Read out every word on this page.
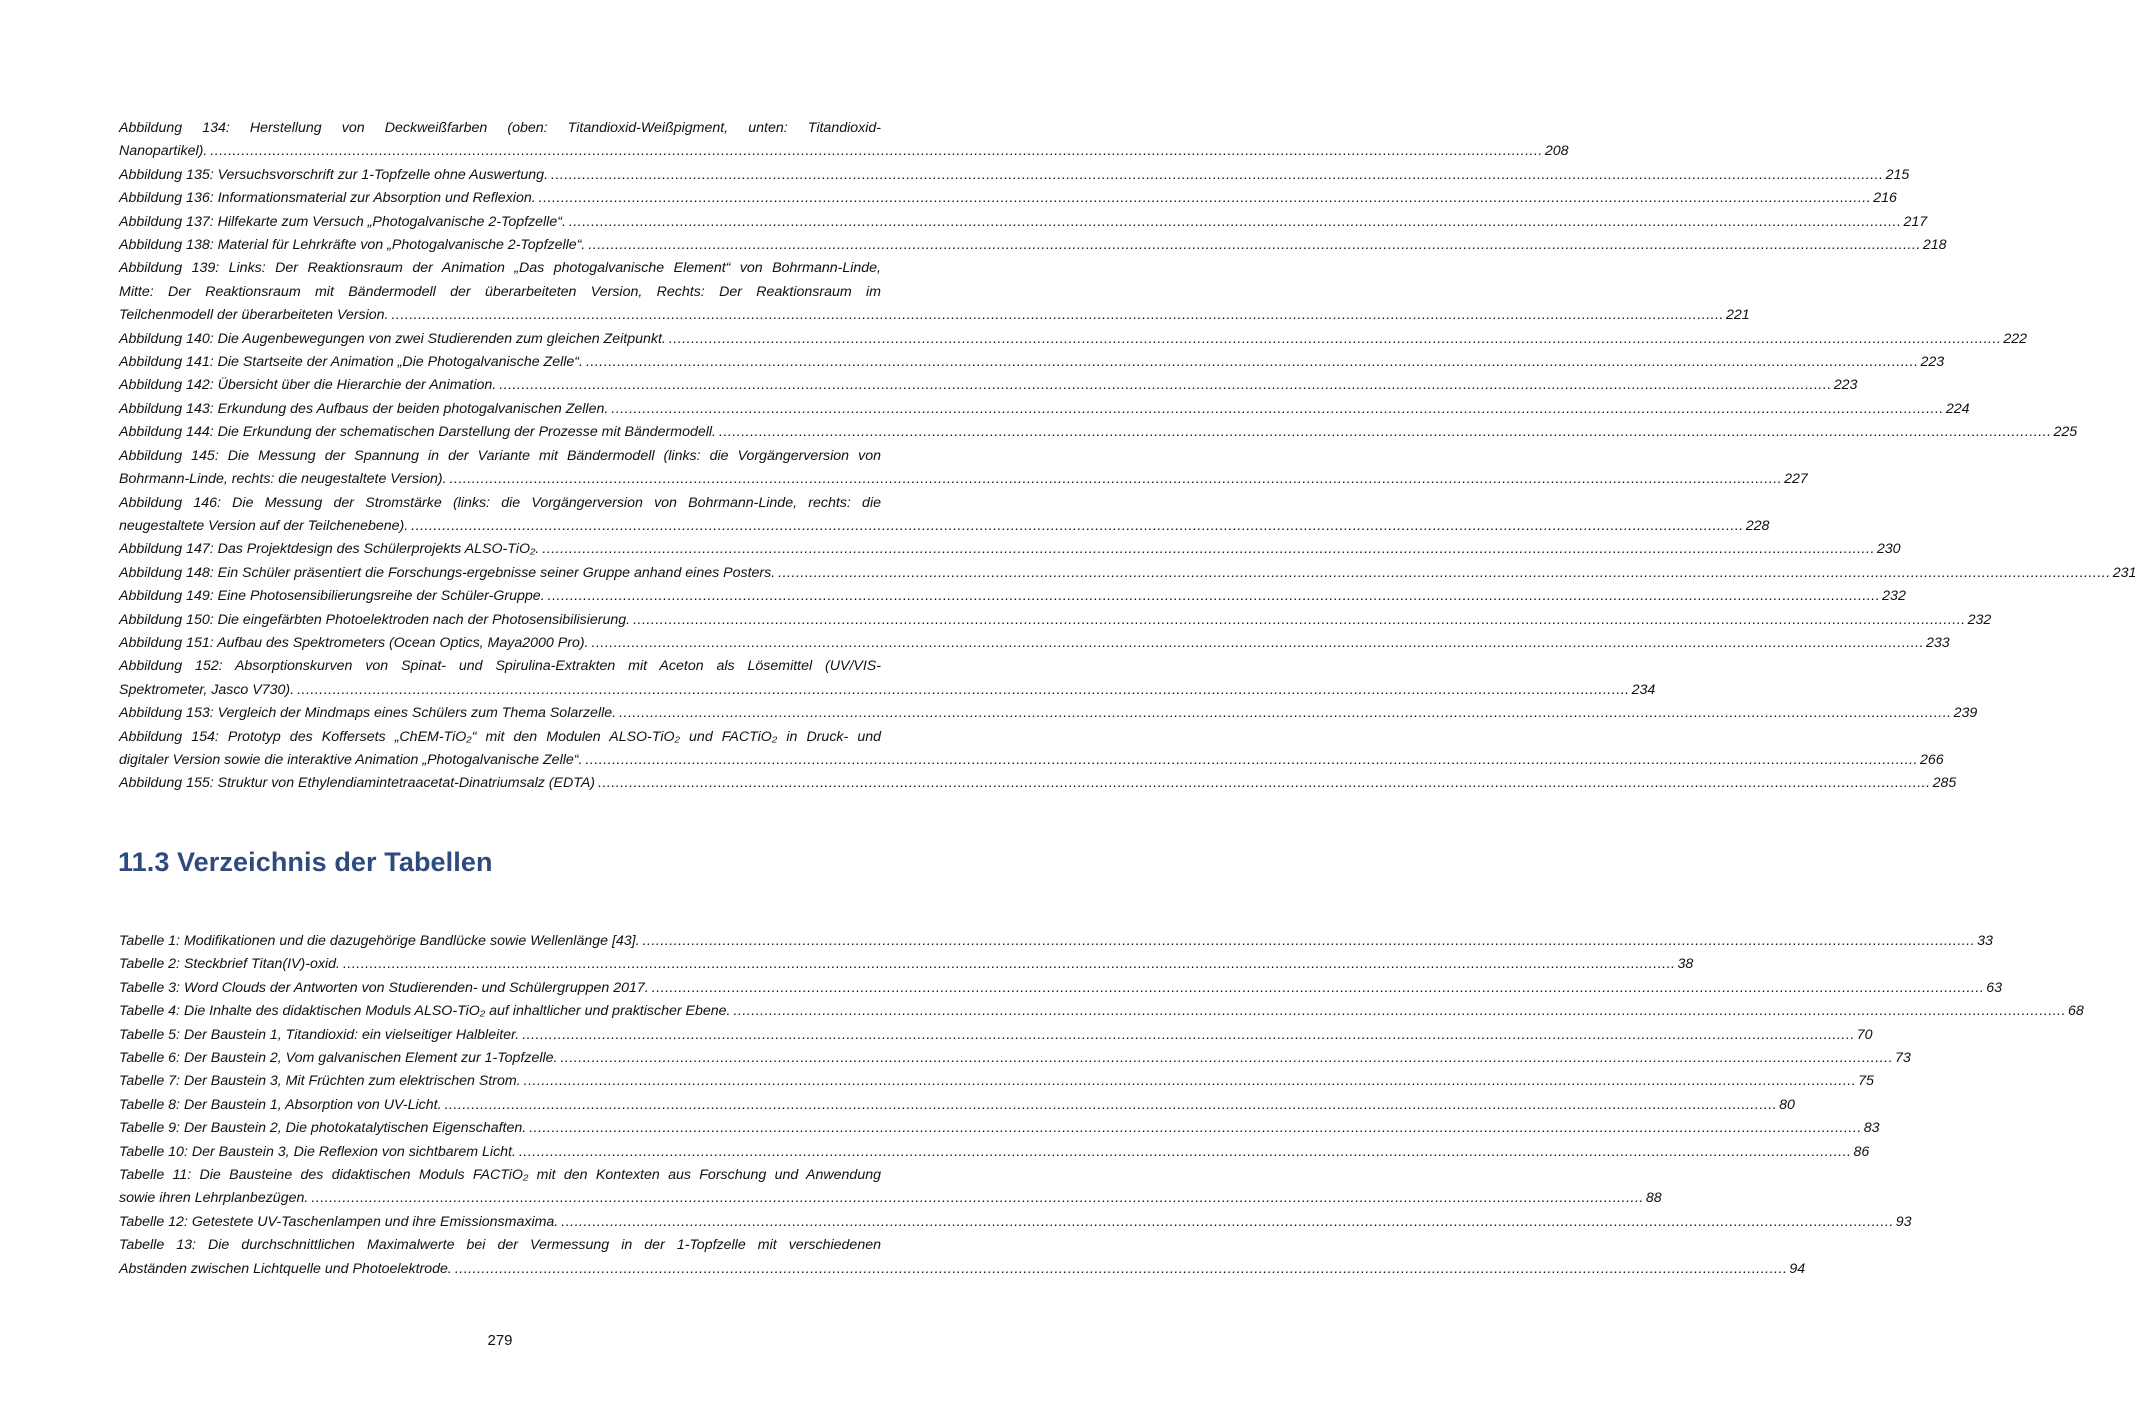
Abbildung 134: Herstellung von Deckweißfarben (oben: Titandioxid-Weißpigment, unten: Titandioxid-
Nanopartikel). ............................................................................................................................................................................................................................................................................................................ 208
Abbildung 135: Versuchsvorschrift zur 1-Topfzelle ohne Auswertung. ............................................................................................................................................................................................................................................................................................................ 215
Abbildung 136: Informationsmaterial zur Absorption und Reflexion. ............................................................................................................................................................................................................................................................................................................ 216
Abbildung 137: Hilfekarte zum Versuch „Photogalvanische 2-Topfzelle“. ............................................................................................................................................................................................................................................................................................................ 217
Abbildung 138: Material für Lehrkräfte von „Photogalvanische 2-Topfzelle“. ............................................................................................................................................................................................................................................................................................................ 218
Abbildung 139: Links: Der Reaktionsraum der Animation „Das photogalvanische Element“ von Bohrmann-Linde,
Mitte: Der Reaktionsraum mit Bändermodell der überarbeiteten Version, Rechts: Der Reaktionsraum im
Teilchenmodell der überarbeiteten Version. ............................................................................................................................................................................................................................................................................................................ 221
Abbildung 140: Die Augenbewegungen von zwei Studierenden zum gleichen Zeitpunkt. ............................................................................................................................................................................................................................................................................................................ 222
Abbildung 141: Die Startseite der Animation „Die Photogalvanische Zelle“. ............................................................................................................................................................................................................................................................................................................ 223
Abbildung 142: Übersicht über die Hierarchie der Animation. ............................................................................................................................................................................................................................................................................................................ 223
Abbildung 143: Erkundung des Aufbaus der beiden photogalvanischen Zellen. ............................................................................................................................................................................................................................................................................................................ 224
Abbildung 144: Die Erkundung der schematischen Darstellung der Prozesse mit Bändermodell. ............................................................................................................................................................................................................................................................................................................ 225
Abbildung 145: Die Messung der Spannung in der Variante mit Bändermodell (links: die Vorgängerversion von
Bohrmann-Linde, rechts: die neugestaltete Version). ............................................................................................................................................................................................................................................................................................................ 227
Abbildung 146: Die Messung der Stromstärke (links: die Vorgängerversion von Bohrmann-Linde, rechts: die
neugestaltete Version auf der Teilchenebene). ............................................................................................................................................................................................................................................................................................................ 228
Abbildung 147: Das Projektdesign des Schülerprojekts ALSO-TiO₂. ............................................................................................................................................................................................................................................................................................................ 230
Abbildung 148: Ein Schüler präsentiert die Forschungs-ergebnisse seiner Gruppe anhand eines Posters. ............................................................................................................................................................................................................................................................................................................ 231
Abbildung 149: Eine Photosensibilierungsreihe der Schüler-Gruppe. ............................................................................................................................................................................................................................................................................................................ 232
Abbildung 150: Die eingefärbten Photoelektroden nach der Photosensibilisierung. ............................................................................................................................................................................................................................................................................................................ 232
Abbildung 151: Aufbau des Spektrometers (Ocean Optics, Maya2000 Pro). ............................................................................................................................................................................................................................................................................................................ 233
Abbildung 152: Absorptionskurven von Spinat- und Spirulina-Extrakten mit Aceton als Lösemittel (UV/VIS-
Spektrometer, Jasco V730). ............................................................................................................................................................................................................................................................................................................ 234
Abbildung 153: Vergleich der Mindmaps eines Schülers zum Thema Solarzelle. ............................................................................................................................................................................................................................................................................................................ 239
Abbildung 154: Prototyp des Koffersets „ChEM-TiO₂“ mit den Modulen ALSO-TiO₂ und FACTiO₂ in Druck- und
digitaler Version sowie die interaktive Animation „Photogalvanische Zelle“. ............................................................................................................................................................................................................................................................................................................ 266
Abbildung 155: Struktur von Ethylendiamintetraacetat-Dinatriumsalz (EDTA) ............................................................................................................................................................................................................................................................................................................ 285
11.3 Verzeichnis der Tabellen
Tabelle 1: Modifikationen und die dazugehörige Bandlücke sowie Wellenlänge [43]. ............................................................................................................................................................................................................................................................................................................ 33
Tabelle 2: Steckbrief Titan(IV)-oxid. ............................................................................................................................................................................................................................................................................................................ 38
Tabelle 3: Word Clouds der Antworten von Studierenden- und Schülergruppen 2017. ............................................................................................................................................................................................................................................................................................................ 63
Tabelle 4: Die Inhalte des didaktischen Moduls ALSO-TiO₂ auf inhaltlicher und praktischer Ebene. ............................................................................................................................................................................................................................................................................................................ 68
Tabelle 5: Der Baustein 1, Titandioxid: ein vielseitiger Halbleiter. ............................................................................................................................................................................................................................................................................................................ 70
Tabelle 6: Der Baustein 2, Vom galvanischen Element zur 1-Topfzelle. ............................................................................................................................................................................................................................................................................................................ 73
Tabelle 7: Der Baustein 3, Mit Früchten zum elektrischen Strom. ............................................................................................................................................................................................................................................................................................................ 75
Tabelle 8: Der Baustein 1, Absorption von UV-Licht. ............................................................................................................................................................................................................................................................................................................ 80
Tabelle 9: Der Baustein 2, Die photokatalytischen Eigenschaften. ............................................................................................................................................................................................................................................................................................................ 83
Tabelle 10: Der Baustein 3, Die Reflexion von sichtbarem Licht. ............................................................................................................................................................................................................................................................................................................ 86
Tabelle 11: Die Bausteine des didaktischen Moduls FACTiO₂ mit den Kontexten aus Forschung und Anwendung
sowie ihren Lehrplanbezügen. ............................................................................................................................................................................................................................................................................................................ 88
Tabelle 12: Getestete UV-Taschenlampen und ihre Emissionsmaxima. ............................................................................................................................................................................................................................................................................................................ 93
Tabelle 13: Die durchschnittlichen Maximalwerte bei der Vermessung in der 1-Topfzelle mit verschiedenen
Abständen zwischen Lichtquelle und Photoelektrode. ............................................................................................................................................................................................................................................................................................................ 94
279
